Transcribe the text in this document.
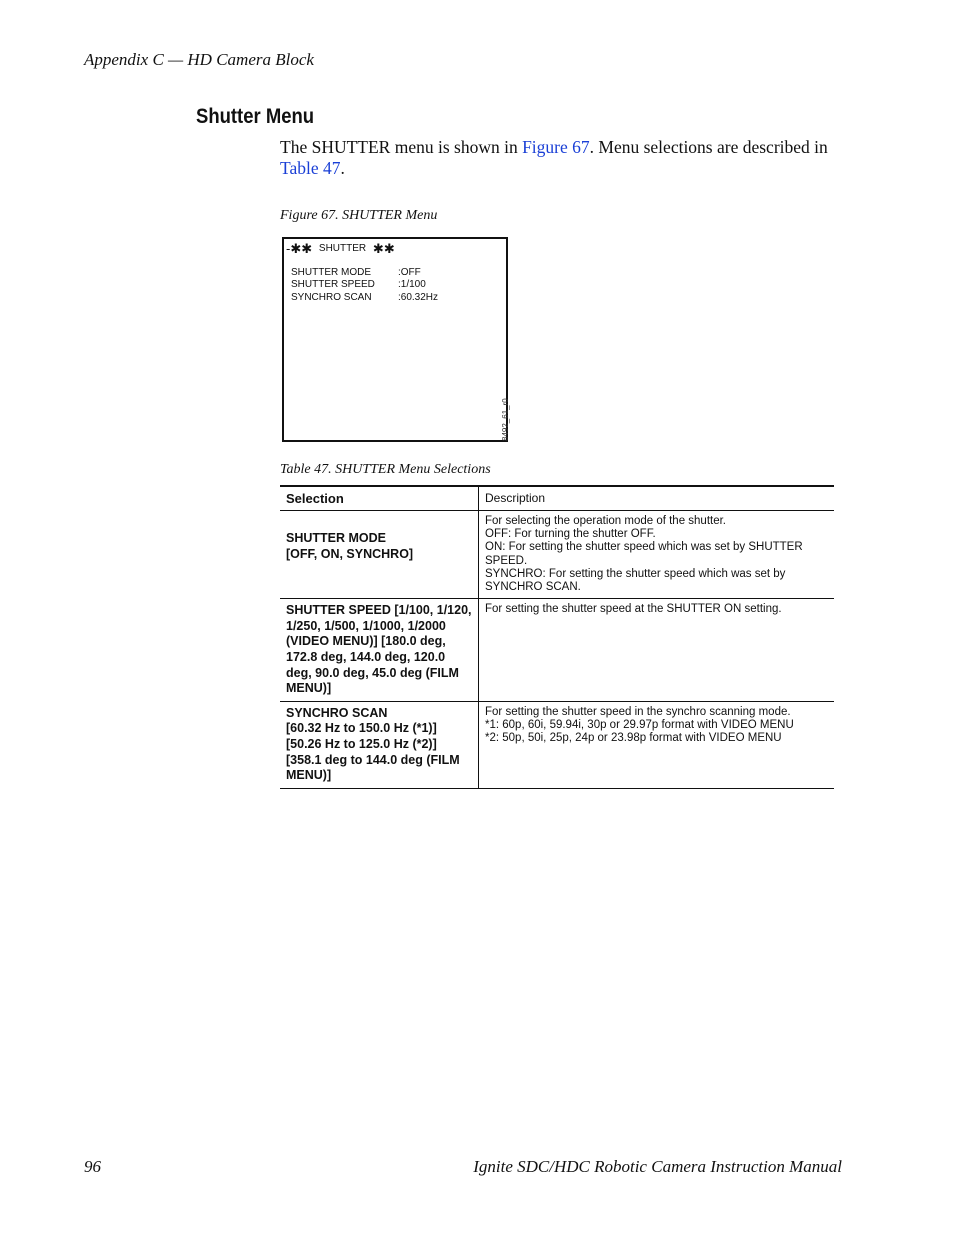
Appendix C — HD Camera Block
Shutter Menu

The SHUTTER menu is shown in Figure 67. Menu selections are described in Table 47.

Figure 67. SHUTTER Menu
-✱✱ SHUTTER ✱✱
SHUTTER MODE	:OFF
SHUTTER SPEED :1/100
SYNCHRO SCAN	:60.32Hz
8492_61_r0
Table 47. SHUTTER Menu Selections
Selection	Description

SHUTTER MODE
[OFF, ON, SYNCHRO]	For selecting the operation mode of the shutter.
OFF: For turning the shutter OFF.
ON: For setting the shutter speed which was set by SHUTTER SPEED.
SYNCHRO: For setting the shutter speed which was set by SYNCHRO SCAN.

SHUTTER SPEED [1/100, 1/120, 1/250, 1/500, 1/1000, 1/2000 (VIDEO MENU)] [180.0 deg, 172.8 deg, 144.0 deg, 120.0 deg, 90.0 deg, 45.0 deg (FILM MENU)]	For setting the shutter speed at the SHUTTER ON setting.

SYNCHRO SCAN
[60.32 Hz to 150.0 Hz (*1)]
[50.26 Hz to 125.0 Hz (*2)]
[358.1 deg to 144.0 deg (FILM MENU)]	For setting the shutter speed in the synchro scanning mode.
*1: 60p, 60i, 59.94i, 30p or 29.97p format with VIDEO MENU
*2: 50p, 50i, 25p, 24p or 23.98p format with VIDEO MENU
96	Ignite SDC/HDC Robotic Camera Instruction Manual
